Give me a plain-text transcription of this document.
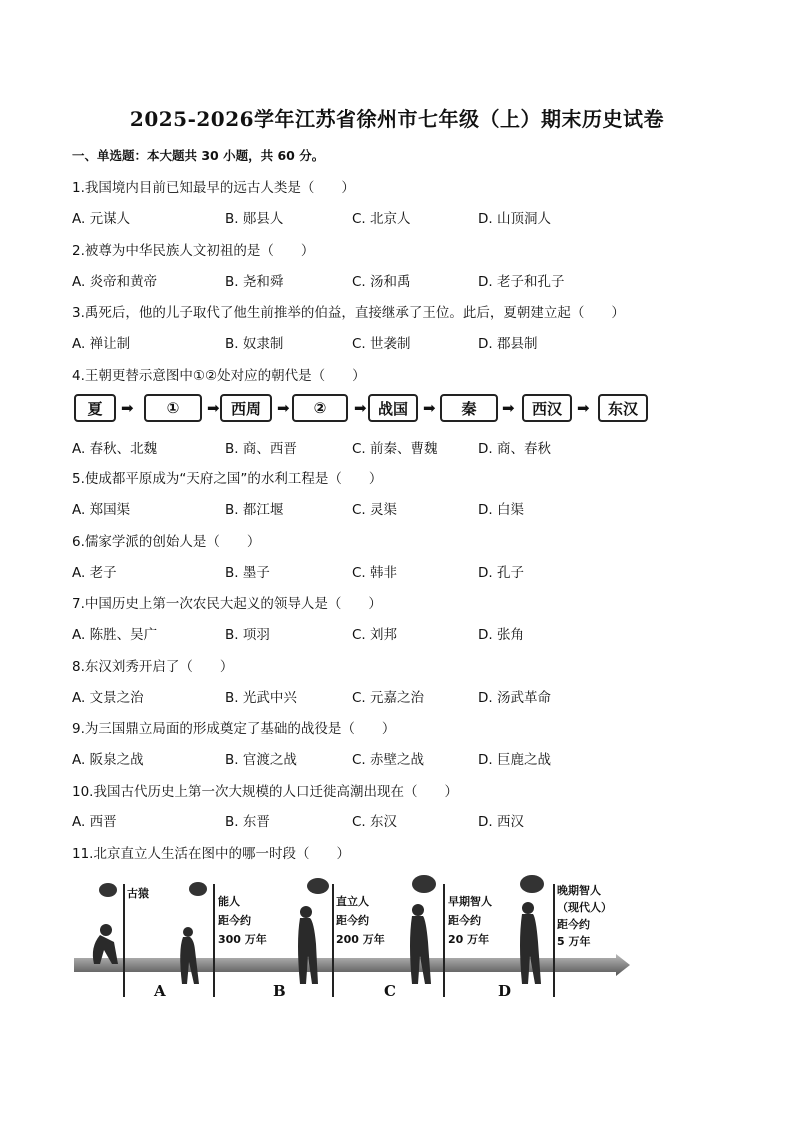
2025-2026学年江苏省徐州市七年级（上）期末历史试卷
一、单选题：本大题共 30 小题，共 60 分。
1.我国境内目前已知最早的远古人类是（　　）
A. 元谋人	B. 郧县人	C. 北京人	D. 山顶洞人
2.被尊为中华民族人文初祖的是（　　）
A. 炎帝和黄帝	B. 尧和舜	C. 汤和禹	D. 老子和孔子
3.禹死后，他的儿子取代了他生前推举的伯益，直接继承了王位。此后，夏朝建立起（　　）
A. 禅让制	B. 奴隶制	C. 世袭制	D. 郡县制
4.王朝更替示意图中①②处对应的朝代是（　　）
A. 春秋、北魏	B. 商、西晋	C. 前秦、曹魏	D. 商、春秋
5.使成都平原成为“天府之国”的水利工程是（　　）
A. 郑国渠	B. 都江堰	C. 灵渠	D. 白渠
6.儒家学派的创始人是（　　）
A. 老子	B. 墨子	C. 韩非	D. 孔子
7.中国历史上第一次农民大起义的领导人是（　　）
A. 陈胜、吴广	B. 项羽	C. 刘邦	D. 张角
8.东汉刘秀开启了（　　）
A. 文景之治	B. 光武中兴	C. 元嘉之治	D. 汤武革命
9.为三国鼎立局面的形成奠定了基础的战役是（　　）
A. 阪泉之战	B. 官渡之战	C. 赤壁之战	D. 巨鹿之战
10.我国古代历史上第一次大规模的人口迁徙高潮出现在（　　）
A. 西晋	B. 东晋	C. 东汉	D. 西汉
11.北京直立人生活在图中的哪一时段（　　）
夏	➡	①	➡ 西周	➡	②	➡ 战国	➡	秦	➡	西汉	➡	东汉
古猿
能人
距今约
300 万年
直立人
距今约
200 万年
早期智人
距今约
20 万年
晚期智人
（现代人）
距今约
5 万年
A	B	C	D
